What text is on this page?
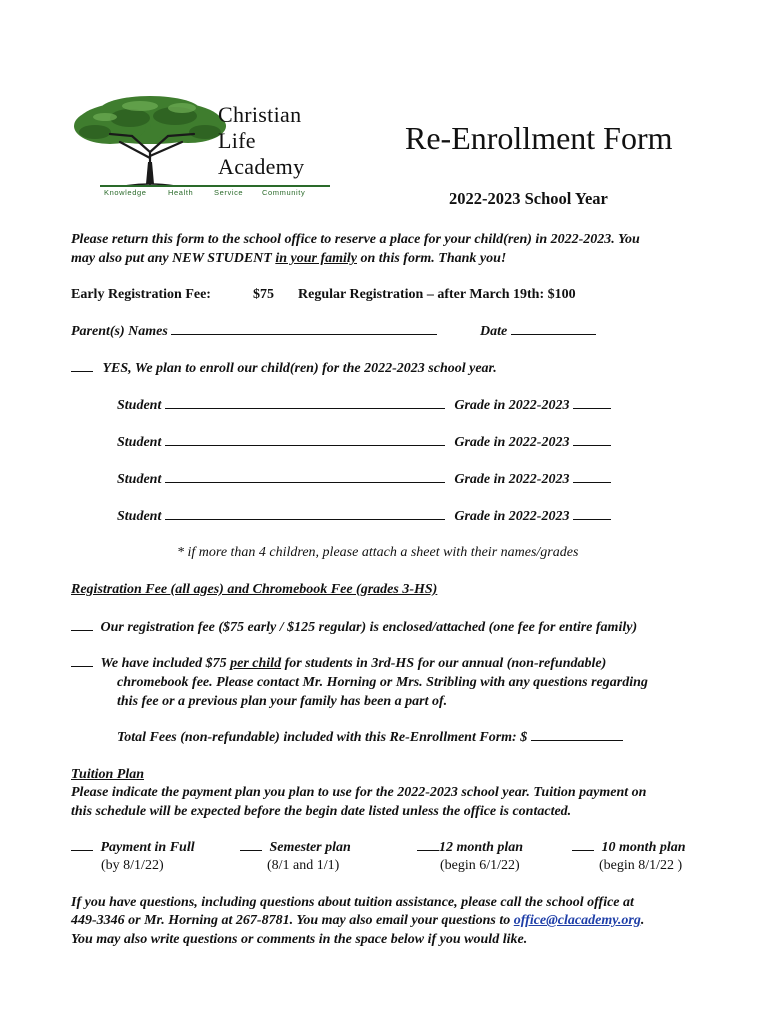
Christian
Life
Academy
Knowledge	Health	Service	Community
Re-Enrollment Form
2022-2023 School Year
Please return this form to the school office to reserve a place for your child(ren) in 2022-2023. You
may also put any NEW STUDENT in your family on this form. Thank you!
Early Registration Fee:	$75 Regular Registration – after March 19th: $100
Parent(s) Names	Date
YES, We plan to enroll our child(ren) for the 2022-2023 school year.
Student	Grade in 2022-2023
Student	Grade in 2022-2023
Student	Grade in 2022-2023
Student	Grade in 2022-2023
* if more than 4 children, please attach a sheet with their names/grades
Registration Fee (all ages) and Chromebook Fee (grades 3-HS)
Our registration fee ($75 early / $125 regular) is enclosed/attached (one fee for entire family)
We have included $75 per child for students in 3rd-HS for our annual (non-refundable)
chromebook fee. Please contact Mr. Horning or Mrs. Stribling with any questions regarding
this fee or a previous plan your family has been a part of.
Total Fees (non-refundable) included with this Re-Enrollment Form: $
Tuition Plan
Please indicate the payment plan you plan to use for the 2022-2023 school year. Tuition payment on
this schedule will be expected before the begin date listed unless the office is contacted.
Payment in Full
(by 8/1/22)
Semester plan
(8/1 and 1/1)
12 month plan
(begin 6/1/22)
10 month plan
(begin 8/1/22 )
If you have questions, including questions about tuition assistance, please call the school office at
449-3346 or Mr. Horning at 267-8781. You may also email your questions to office@clacademy.org.
You may also write questions or comments in the space below if you would like.
